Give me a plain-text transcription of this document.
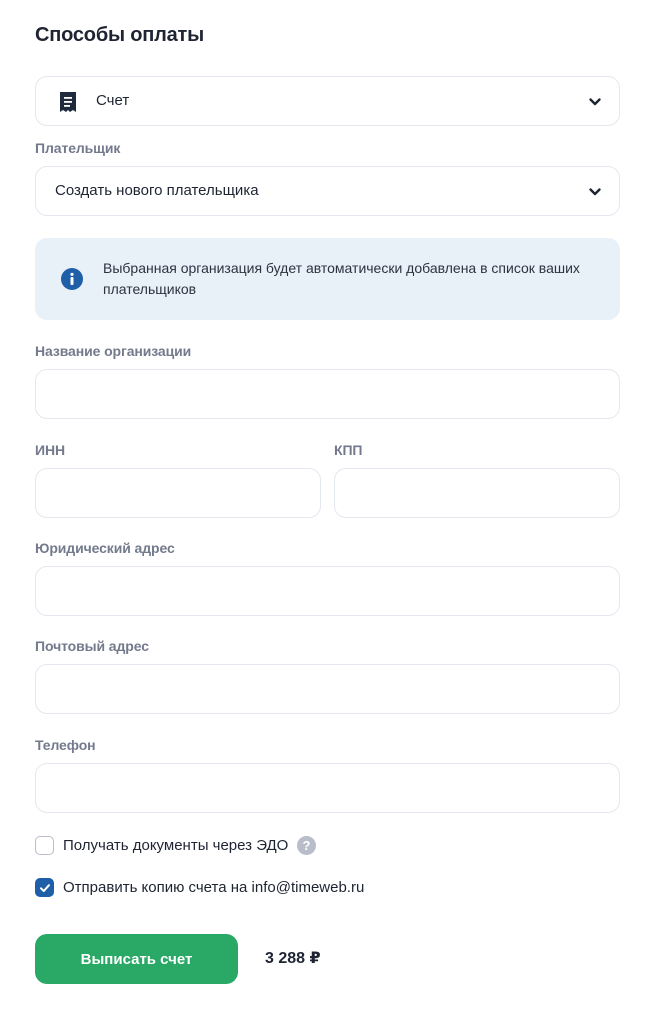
Способы оплаты
Счет
Плательщик
Создать нового плательщика
Выбранная организация будет автоматически добавлена в список ваших плательщиков
Название организации
ИНН	КПП
Юридический адрес
Почтовый адрес
Телефон
Получать документы через ЭДО ?
Отправить копию счета на info@timeweb.ru
Выписать счет	3 288 ₽
